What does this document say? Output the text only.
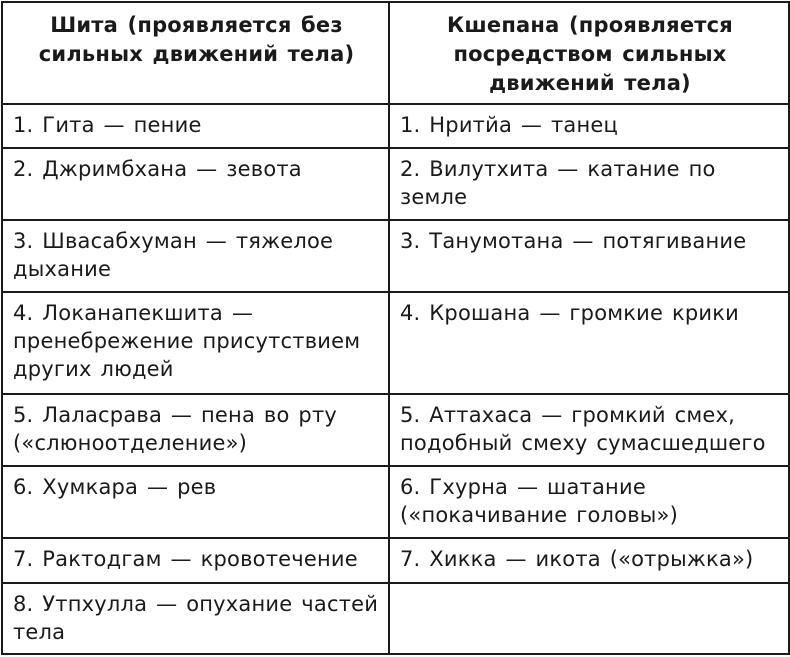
Шита (проявляется без сильных движений тела)	Кшепана (проявляется посредством сильных движений тела)
1. Гита — пение	1. Нритйа — танец
2. Джримбхана — зевота	2. Вилутхита — катание по земле
3. Швасабхуман — тяжелое дыхание	3. Танумотана — потягивание
4. Локанапекшита — пренебрежение присутствием других людей	4. Крошана — громкие крики
5. Лаласрава — пена во рту («слюноотделение»)	5. Аттахаса — громкий смех, подобный смеху сумасшедшего
6. Хумкара — рев	6. Гхурна — шатание («покачивание головы»)
7. Рактодгам — кровотечение	7. Хикка — икота («отрыжка»)
8. Утпхулла — опухание частей тела	
